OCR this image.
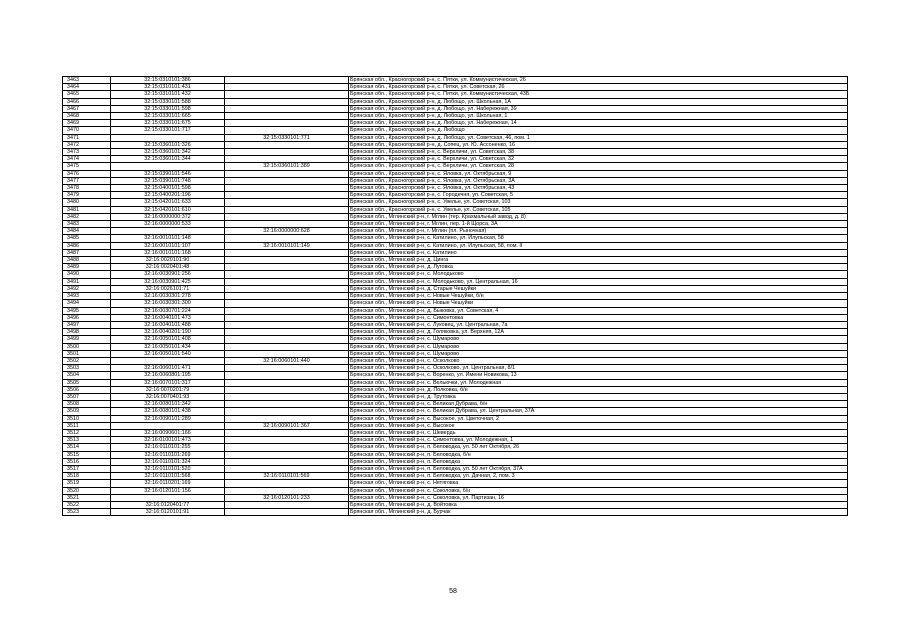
3463	32:15:0310101:386		Брянская обл., Красногорский р-н, с. Пятки, ул. Коммунистическая, 26
3464	32:15:0310101:431		Брянская обл., Красногорский р-н, с. Пятки, ул. Советская, 26
3465	32:15:0310101:432		Брянская обл., Красногорский р-н, с. Пятки, ул. Коммунистическая, 43Б
3466	32:15:0330101:588		Брянская обл., Красногорский р-н, д. Любощо, ул. Школьная, 1А
3467	32:15:0330101:598		Брянская обл., Красногорский р-н, д. Любощо, ул. Набережная, 39
3468	32:15:0330101:665		Брянская обл., Красногорский р-н, д. Любощо, ул. Школьная, 1
3469	32:15:0330101:675		Брянская обл., Красногорский р-н, д. Любощо, ул. Набережная, 14
3470	32:15:0330101:717		Брянская обл., Красногорский р-н, д. Любощо
3471		32:15:0330101:771	Брянская обл., Красногорский р-н, д. Любощо, ул. Советская, 46, пом. 1
3472	32:15:0360101:326		Брянская обл., Красногорский р-н, д. Сопец, ул. Ю. Ассоненко, 16
3473	32:15:0360101:342		Брянская обл., Красногорский р-н, с. Верхличи, ул. Советская, 38
3474	32:15:0360101:344		Брянская обл., Красногорский р-н, с. Верхличи, ул. Советская, 32
3475		32:15:0360101:389	Брянская обл., Красногорский р-н, с. Верхличи, ул. Советская, 28
3476	32:15:0390101:546		Брянская обл., Красногорский р-н, с. Яловка, ул. Октябрьская, 9
3477	32:15:0390101:748		Брянская обл., Красногорский р-н, с. Яловка, ул. Октябрьская, 3А
3478	32:15:0400101:598		Брянская обл., Красногорский р-н, с. Яловка, ул. Октябрьская, 43
3479	32:15:0400201:196		Брянская обл., Красногорский р-н, с. Городечня, ул. Советская, 5
3480	32:15:0420101:633		Брянская обл., Красногорский р-н, с. Увелье, ул. Советская, 103
3481	32:15:0420101:610		Брянская обл., Красногорский р-н, с. Увелье, ул. Советская, 105
3482	32:16:0000000:372		Брянская обл., Мглинский р-н, г. Мглин (тер. Крахмальный завод, д. 8)
3483	32:16:0000000:533		Брянская обл., Мглинский р-н, г. Мглин, пер. 1-й Щорса, 3А
3484		32:16:0000000:628	Брянская обл., Мглинский р-н, г. Мглин (пл. Рыночная)
3485	32:16:0010101:148		Брянская обл., Мглинский р-н, с. Катилино, ул. Илупьская, 58
3486	32:16:0010101:107	32:16:0010101:149	Брянская обл., Мглинский р-н, с. Катилино, ул. Илупьская, 58, пом. II
3487	32:16:0010101:168		Брянская обл., Мглинский р-н, с. Катилино
3488	32:16:0020101:90		Брянская обл., Мглинский р-н, д. Цинга
3489	32:16:0020401:48		Брянская обл., Мглинский р-н, д. Луговка
3490	32:16:0030901:256		Брянская обл., Мглинский р-н, с. Молодьково
3491	32:16:0030901:425		Брянская обл., Мглинский р-н, с. Молодьково, ул. Центральная, 16
3492	32:16:0026101:71		Брянская обл., Мглинский р-н, д. Старые Чешуйки
3493	32:16:0030301:278		Брянская обл., Мглинский р-н, с. Новые Чешуйки, б/н
3494	32:16:0030301:300		Брянская обл., Мглинский р-н, с. Новые Чешуйки
3495	32:16:0030701:224		Брянская обл., Мглинский р-н, д. Быковка, ул. Советская, 4
3496	32:16:0040101:473		Брянская обл., Мглинский р-н, с. Симонтовка
3497	32:16:0040101:488		Брянская обл., Мглинский р-н, с. Луковец, ул. Центральная, 7а
3498	32:16:0040201:190		Брянская обл., Мглинский р-н, д. Голяковка, ул. Верхняя, 12А
3499	32:16:0050101:408		Брянская обл., Мглинский р-н, с. Шумарово
3500	32:16:0050101:434		Брянская обл., Мглинский р-н, с. Шумарово
3501	32:16:0050101:540		Брянская обл., Мглинский р-н, с. Шумарово
3502		32:16:0060101:440	Брянская обл., Мглинский р-н, с. Осколково
3503	32:16:0060101:471		Брянская обл., Мглинский р-н, с. Осколково, ул. Центральная, 8/1
3504	32:16:0060801:195		Брянская обл., Мглинский р-н, с. Воренко, ул. Имени Новикова, 13
3505	32:16:0070101:317		Брянская обл., Мглинский р-н, с. Вельючки, ул. Молодежная
3506	32:16:0070201:79		Брянская обл., Мглинский р-н, д. Полковка, б/н
3507	32:16:0070401:93		Брянская обл., Мглинский р-н, д. Трутовка
3508	32:16:0080101:342		Брянская обл., Мглинский р-н, с. Великая Дубрава, б/н
3509	32:16:0080101:438		Брянская обл., Мглинский р-н, с. Великая Дубрава, ул. Центральная, 37А
3510	32:16:0090101:289		Брянская обл., Мглинский р-н, с. Высокое, ул. Цветочная, 2
3511		32:16:0090101:367	Брянская обл., Мглинский р-н, с. Высокое
3512	32:16:0090601:166		Брянская обл., Мглинский р-н, с. Шевердь
3513	32:16:0100101:473		Брянская обл., Мглинский р-н, с. Симонтовка, ул. Молодежная, 1
3514	32:16:0110101:255		Брянская обл., Мглинский р-н, п. Беловодка, ул. 50 лет Октября, 26
3515	32:16:0110101:269		Брянская обл., Мглинский р-н, п. Беловодка, б/н
3516	32:16:0110101:324		Брянская обл., Мглинский р-н, п. Беловодка
3517	32:16:0110101:520		Брянская обл., Мглинский р-н, п. Беловодка, ул. 50 лет Октября, 37А
3518	32:16:0110101:568	32:16:0110101:569	Брянская обл., Мглинский р-н, п. Беловодка, ул. Дачная, 2, пом. 3
3519	32:16:0110201:169		Брянская обл., Мглинский р-н, с. Нетяговка
3520	32:16:0120101:156		Брянская обл., Мглинский р-н, с. Соколовка, б/н
3521		32:16:0120101:233	Брянская обл., Мглинский р-н, с. Соколовка, ул. Партизан, 16
3522	32:16:0120401:77		Брянская обл., Мглинский р-н, д. Войтовка
3523	32:16:0120101:91		Брянская обл., Мглинский р-н, д. Бурчак
58
